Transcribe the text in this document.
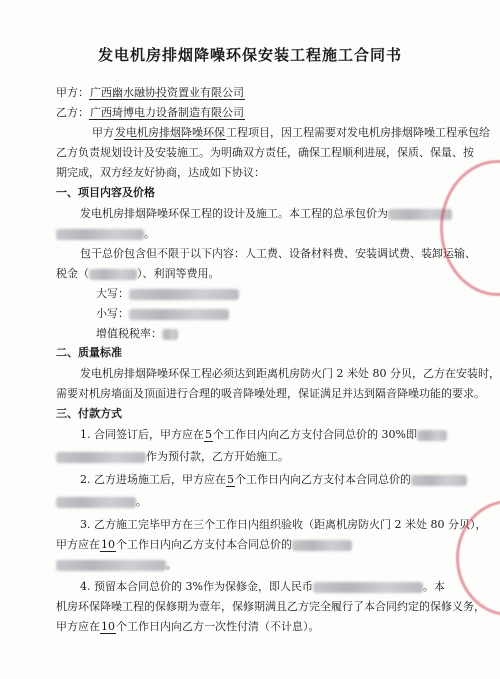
发电机房排烟降噪环保安装工程施工合同书
甲方：广西幽水融协投资置业有限公司
乙方：广西琦博电力设备制造有限公司
甲方发电机房排烟降噪环保工程项目，因工程需要对发电机房排烟降噪工程承包给
乙方负责规划设计及安装施工。为明确双方责任，确保工程顺利进展，保质、保量、按
期完成，双方经友好协商，达成如下协议：
一、项目内容及价格
发电机房排烟降噪环保工程的设计及施工。本工程的总承包价为
。
包干总价包含但不限于以下内容：人工费、设备材料费、安装调试费、装卸运输、
税金（	）、利润等费用。
大写：
小写：
增值税税率：
二、质量标准
发电机房排烟降噪环保工程必须达到距离机房防火门 2 米处 80 分贝，乙方在安装时，
需要对机房墙面及顶面进行合理的吸音降噪处理，保证满足并达到隔音降噪功能的要求。
三、付款方式
1. 合同签订后，甲方应在5个工作日内向乙方支付合同总价的 30%即
作为预付款，乙方开始施工。
2. 乙方进场施工后，甲方应在5个工作日内向乙方支付本合同总价的
。
3. 乙方施工完毕甲方在三个工作日内组织验收（距离机房防火门 2 米处 80 分贝），
甲方应在10个工作日内向乙方支付本合同总价的
。
4. 预留本合同总价的 3%作为保修金，即人民币	。本
机房环保降噪工程的保修期为壹年，保修期满且乙方完全履行了本合同约定的保修义务，
甲方应在10个工作日内向乙方一次性付清（不计息）。
